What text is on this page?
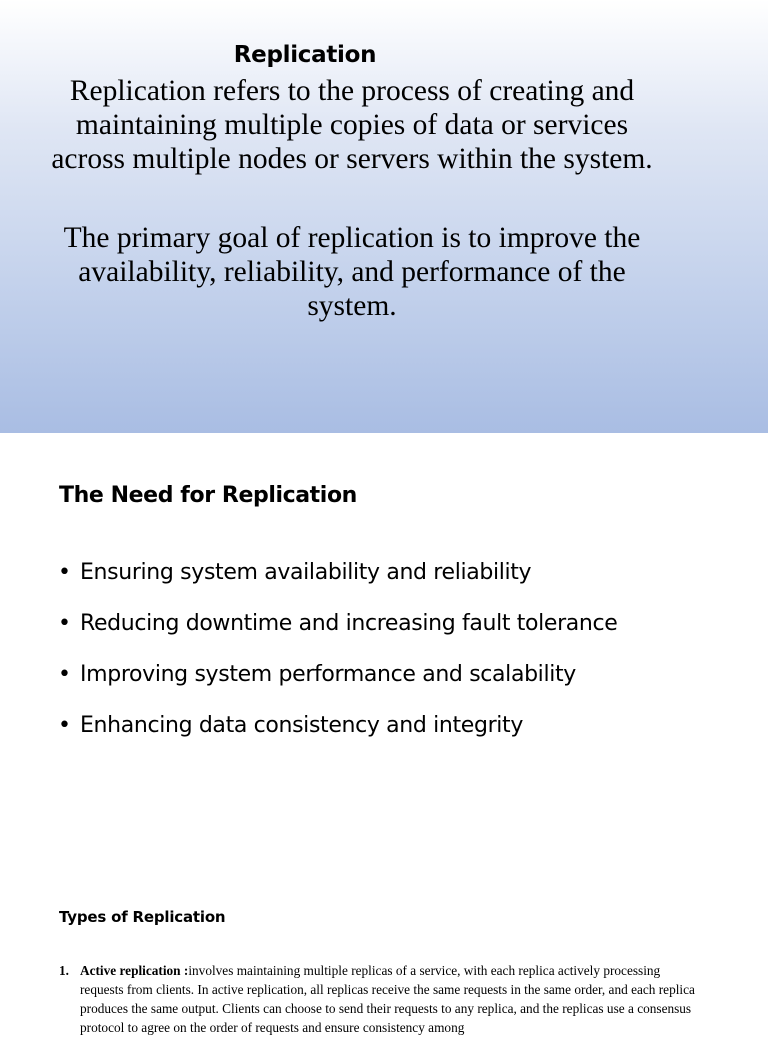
Replication

Replication refers to the process of creating and maintaining multiple copies of data or services across multiple nodes or servers within the system.

The primary goal of replication is to improve the availability, reliability, and performance of the system.

The Need for Replication
• Ensuring system availability and reliability
• Reducing downtime and increasing fault tolerance
• Improving system performance and scalability
• Enhancing data consistency and integrity
Types of Replication
1. Active replication :involves maintaining multiple replicas of a service, with each replica actively processing requests from clients. In active replication, all replicas receive the same requests in the same order, and each replica produces the same output. Clients can choose to send their requests to any replica, and the replicas use a consensus protocol to agree on the order of requests and ensure consistency among
